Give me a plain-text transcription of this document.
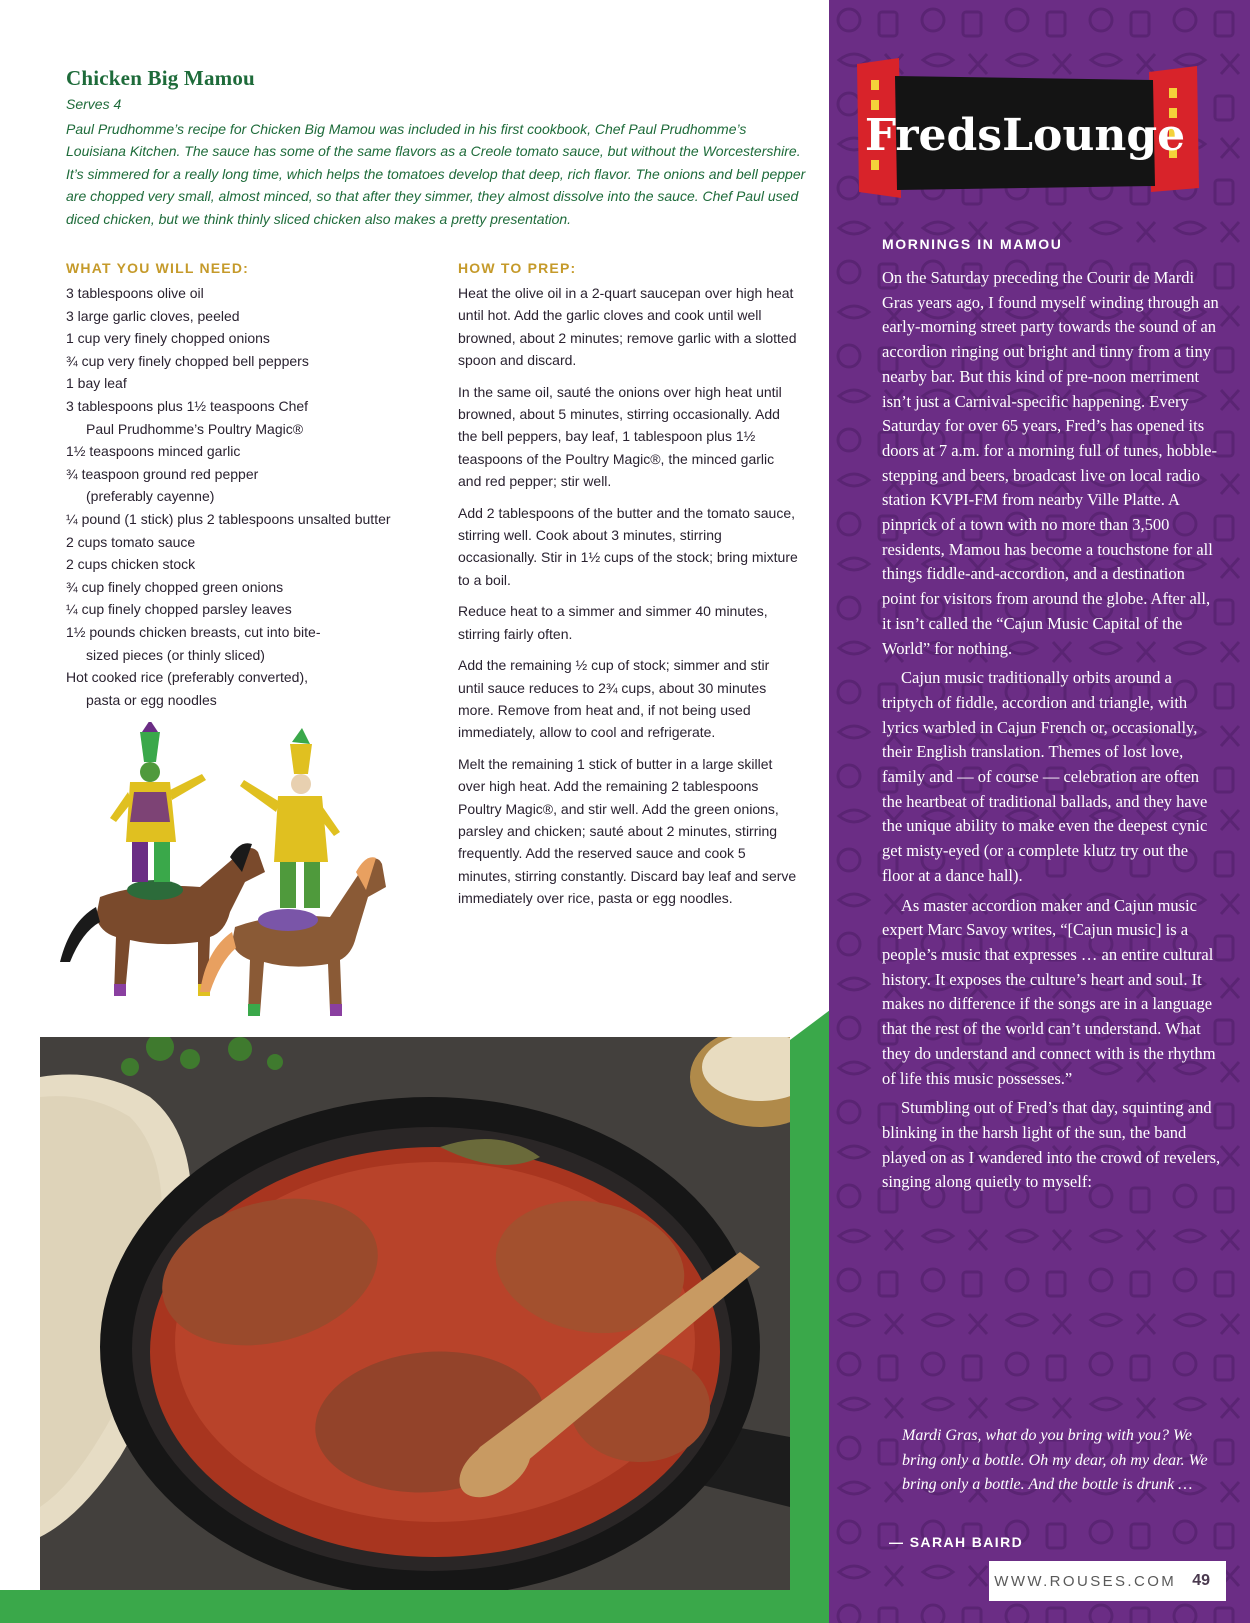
Chicken Big Mamou
Serves 4

Paul Prudhomme’s recipe for Chicken Big Mamou was included in his first cookbook, Chef Paul Prudhomme’s Louisiana Kitchen. The sauce has some of the same flavors as a Creole tomato sauce, but without the Worcestershire. It’s simmered for a really long time, which helps the tomatoes develop that deep, rich flavor. The onions and bell pepper are chopped very small, almost minced, so that after they simmer, they almost dissolve into the sauce. Chef Paul used diced chicken, but we think thinly sliced chicken also makes a pretty presentation.

WHAT YOU WILL NEED:
3 tablespoons olive oil
3 large garlic cloves, peeled
1 cup very finely chopped onions
¾ cup very finely chopped bell peppers
1 bay leaf
3 tablespoons plus 1½ teaspoons Chef Paul Prudhomme’s Poultry Magic®
1½ teaspoons minced garlic
¾ teaspoon ground red pepper (preferably cayenne)
¼ pound (1 stick) plus 2 tablespoons unsalted butter
2 cups tomato sauce
2 cups chicken stock
¾ cup finely chopped green onions
¼ cup finely chopped parsley leaves
1½ pounds chicken breasts, cut into bite-sized pieces (or thinly sliced)
Hot cooked rice (preferably converted), pasta or egg noodles
HOW TO PREP:

Heat the olive oil in a 2-quart saucepan over high heat until hot. Add the garlic cloves and cook until well browned, about 2 minutes; remove garlic with a slotted spoon and discard.

In the same oil, sauté the onions over high heat until browned, about 5 minutes, stirring occasionally. Add the bell peppers, bay leaf, 1 tablespoon plus 1½ teaspoons of the Poultry Magic®, the minced garlic and red pepper; stir well.

Add 2 tablespoons of the butter and the tomato sauce, stirring well. Cook about 3 minutes, stirring occasionally. Stir in 1½ cups of the stock; bring mixture to a boil.

Reduce heat to a simmer and simmer 40 minutes, stirring fairly often.

Add the remaining ½ cup of stock; simmer and stir until sauce reduces to 2¾ cups, about 30 minutes more. Remove from heat and, if not being used immediately, allow to cool and refrigerate.

Melt the remaining 1 stick of butter in a large skillet over high heat. Add the remaining 2 tablespoons Poultry Magic®, and stir well. Add the green onions, parsley and chicken; sauté about 2 minutes, stirring frequently. Add the reserved sauce and cook 5 minutes, stirring constantly. Discard bay leaf and serve immediately over rice, pasta or egg noodles.

FredsLounge
MORNINGS IN MAMOU

On the Saturday preceding the Courir de Mardi Gras years ago, I found myself winding through an early-morning street party towards the sound of an accordion ringing out bright and tinny from a tiny nearby bar. But this kind of pre-noon merriment isn’t just a Carnival-specific happening. Every Saturday for over 65 years, Fred’s has opened its doors at 7 a.m. for a morning full of tunes, hobble-stepping and beers, broadcast live on local radio station KVPI-FM from nearby Ville Platte. A pinprick of a town with no more than 3,500 residents, Mamou has become a touchstone for all things fiddle-and-accordion, and a destination point for visitors from around the globe. After all, it isn’t called the “Cajun Music Capital of the World” for nothing.

Cajun music traditionally orbits around a triptych of fiddle, accordion and triangle, with lyrics warbled in Cajun French or, occasionally, their English translation. Themes of lost love, family and — of course — celebration are often the heartbeat of traditional ballads, and they have the unique ability to make even the deepest cynic get misty-eyed (or a complete klutz try out the floor at a dance hall).

As master accordion maker and Cajun music expert Marc Savoy writes, “[Cajun music] is a people’s music that expresses … an entire cultural history. It exposes the culture’s heart and soul. It makes no difference if the songs are in a language that the rest of the world can’t understand. What they do understand and connect with is the rhythm of life this music possesses.”

Stumbling out of Fred’s that day, squinting and blinking in the harsh light of the sun, the band played on as I wandered into the crowd of revelers, singing along quietly to myself:

Mardi Gras, what do you bring with you? We bring only a bottle. Oh my dear, oh my dear. We bring only a bottle. And the bottle is drunk …
— SARAH BAIRD
WWW.ROUSES.COM 49
